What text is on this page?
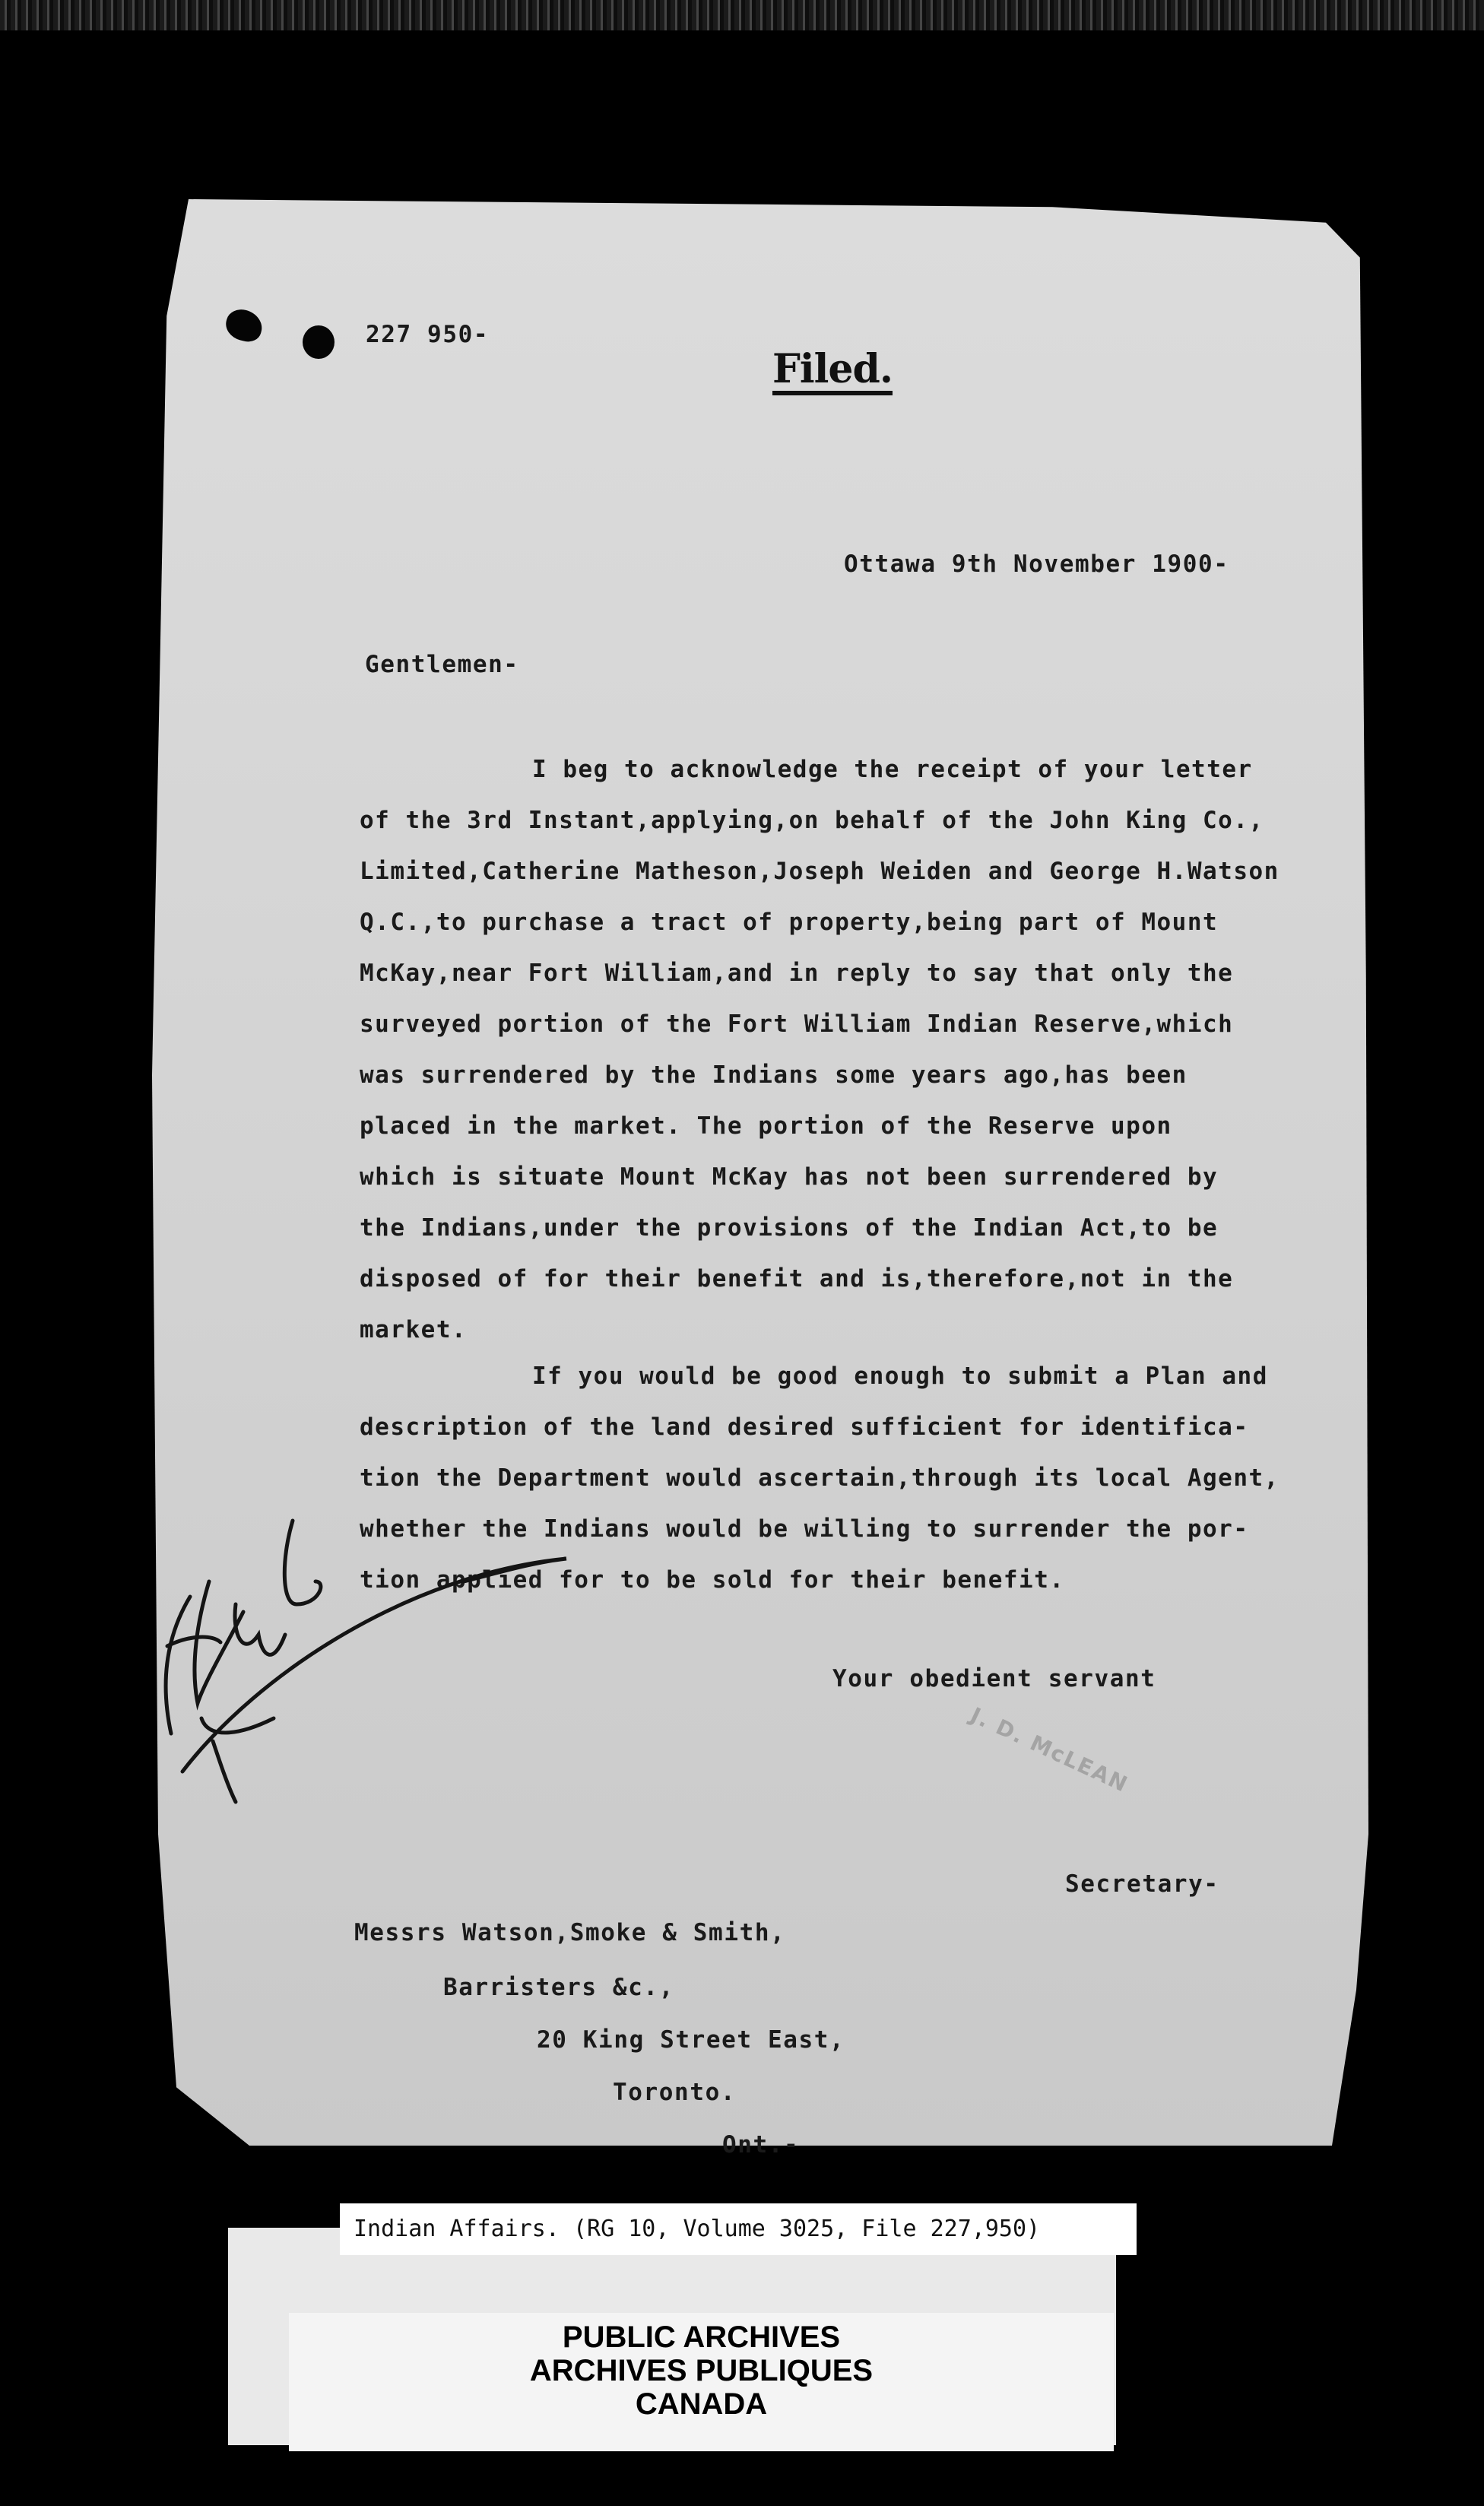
227 950-
Filed.
Ottawa 9th November 1900-
Gentlemen-
I beg to acknowledge the receipt of your letter
of the 3rd Instant,applying,on behalf of the John King Co.,
Limited,Catherine Matheson,Joseph Weiden and George H.Watson
Q.C.,to purchase a tract of property,being part of Mount
McKay,near Fort William,and in reply to say that only the
surveyed portion of the Fort William Indian Reserve,which
was surrendered by the Indians some years ago,has been
placed in the market. The portion of the Reserve upon
which is situate Mount McKay has not been surrendered by
the Indians,under the provisions of the Indian Act,to be
disposed of for their benefit and is,therefore,not in the
market.
If you would be good enough to submit a Plan and
description of the land desired sufficient for identifica-
tion the Department would ascertain,through its local Agent,
whether the Indians would be willing to surrender the por-
tion applied for to be sold for their benefit.
Your obedient servant
J. D. McLEAN
Secretary-
Messrs Watson,Smoke & Smith,
Barristers &c.,
20 King Street East,
Toronto.
Ont.-
Indian Affairs. (RG 10, Volume 3025, File 227,950)
PUBLIC ARCHIVES
ARCHIVES PUBLIQUES
CANADA
